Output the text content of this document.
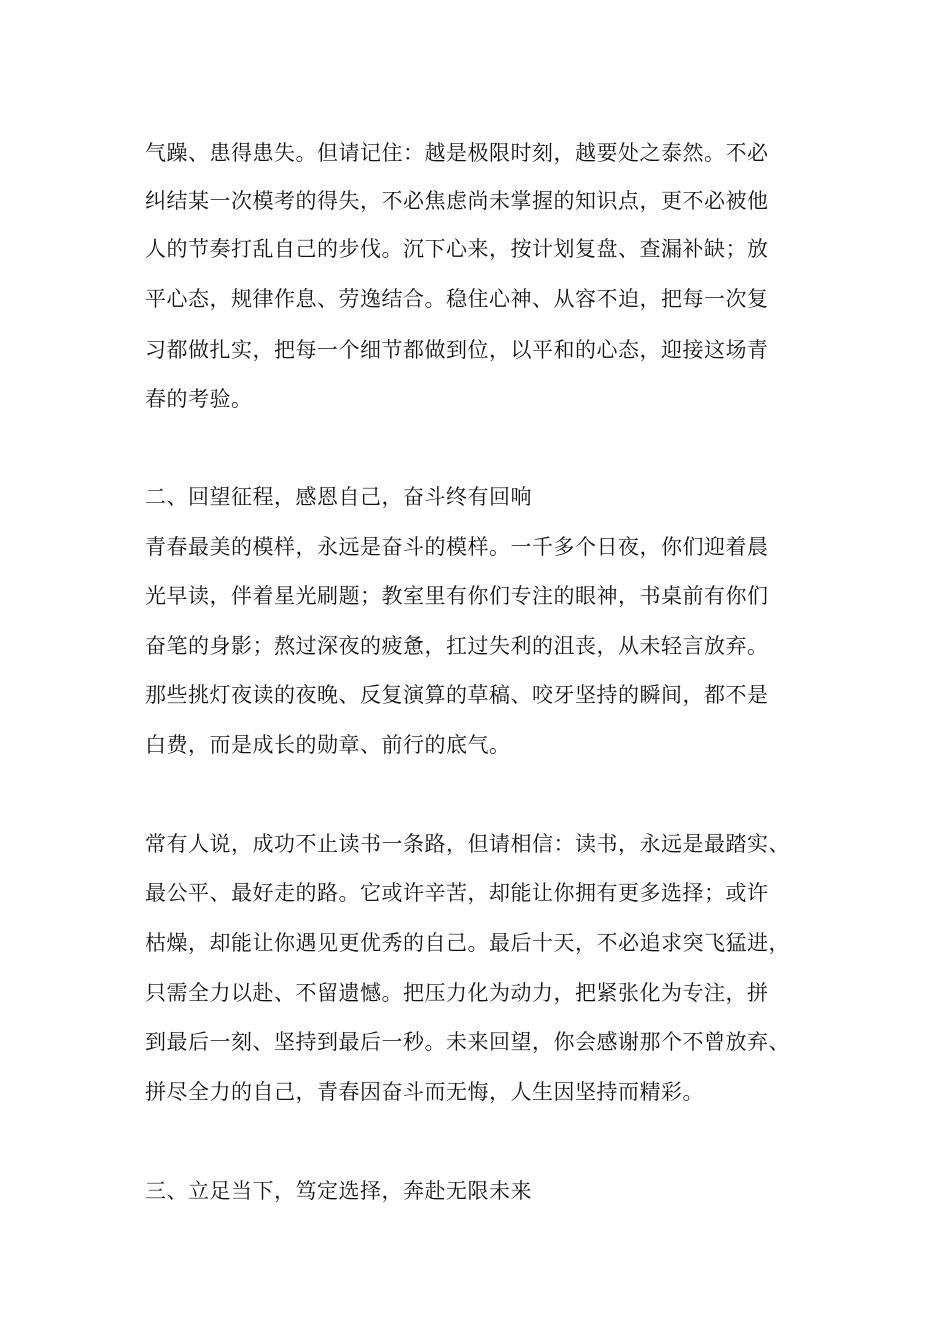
气躁、患得患失。但请记住：越是极限时刻，越要处之泰然。不必
纠结某一次模考的得失，不必焦虑尚未掌握的知识点，更不必被他
人的节奏打乱自己的步伐。沉下心来，按计划复盘、查漏补缺；放
平心态，规律作息、劳逸结合。稳住心神、从容不迫，把每一次复
习都做扎实，把每一个细节都做到位，以平和的心态，迎接这场青
春的考验。
二、回望征程，感恩自己，奋斗终有回响
青春最美的模样，永远是奋斗的模样。一千多个日夜，你们迎着晨
光早读，伴着星光刷题；教室里有你们专注的眼神，书桌前有你们
奋笔的身影；熬过深夜的疲惫，扛过失利的沮丧，从未轻言放弃。
那些挑灯夜读的夜晚、反复演算的草稿、咬牙坚持的瞬间，都不是
白费，而是成长的勋章、前行的底气。
常有人说，成功不止读书一条路，但请相信：读书，永远是最踏实、
最公平、最好走的路。它或许辛苦，却能让你拥有更多选择；或许
枯燥，却能让你遇见更优秀的自己。最后十天，不必追求突飞猛进，
只需全力以赴、不留遗憾。把压力化为动力，把紧张化为专注，拼
到最后一刻、坚持到最后一秒。未来回望，你会感谢那个不曾放弃、
拼尽全力的自己，青春因奋斗而无悔，人生因坚持而精彩。
三、立足当下，笃定选择，奔赴无限未来
